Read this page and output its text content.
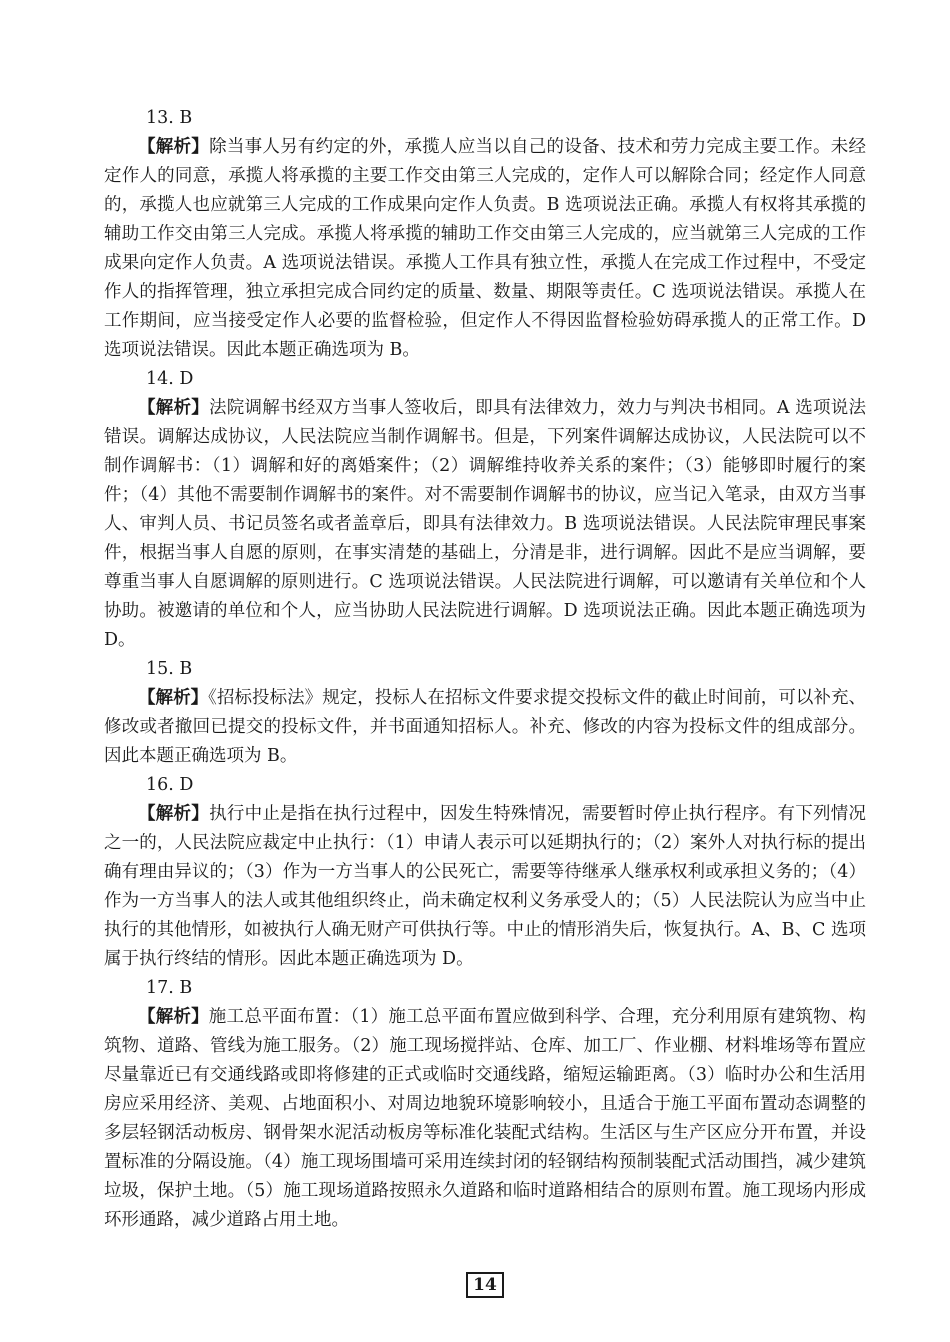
13. B

【解析】除当事人另有约定的外，承揽人应当以自己的设备、技术和劳力完成主要工作。未经定作人的同意，承揽人将承揽的主要工作交由第三人完成的，定作人可以解除合同；经定作人同意的，承揽人也应就第三人完成的工作成果向定作人负责。B 选项说法正确。承揽人有权将其承揽的辅助工作交由第三人完成。承揽人将承揽的辅助工作交由第三人完成的，应当就第三人完成的工作成果向定作人负责。A 选项说法错误。承揽人工作具有独立性，承揽人在完成工作过程中，不受定作人的指挥管理，独立承担完成合同约定的质量、数量、期限等责任。C 选项说法错误。承揽人在工作期间，应当接受定作人必要的监督检验，但定作人不得因监督检验妨碍承揽人的正常工作。D 选项说法错误。因此本题正确选项为 B。

14. D

【解析】法院调解书经双方当事人签收后，即具有法律效力，效力与判决书相同。A 选项说法错误。调解达成协议，人民法院应当制作调解书。但是，下列案件调解达成协议，人民法院可以不制作调解书：（1）调解和好的离婚案件；（2）调解维持收养关系的案件；（3）能够即时履行的案件；（4）其他不需要制作调解书的案件。对不需要制作调解书的协议，应当记入笔录，由双方当事人、审判人员、书记员签名或者盖章后，即具有法律效力。B 选项说法错误。人民法院审理民事案件，根据当事人自愿的原则，在事实清楚的基础上，分清是非，进行调解。因此不是应当调解，要尊重当事人自愿调解的原则进行。C 选项说法错误。人民法院进行调解，可以邀请有关单位和个人协助。被邀请的单位和个人，应当协助人民法院进行调解。D 选项说法正确。因此本题正确选项为 D。

15. B

【解析】《招标投标法》规定，投标人在招标文件要求提交投标文件的截止时间前，可以补充、修改或者撤回已提交的投标文件，并书面通知招标人。补充、修改的内容为投标文件的组成部分。因此本题正确选项为 B。

16. D

【解析】执行中止是指在执行过程中，因发生特殊情况，需要暂时停止执行程序。有下列情况之一的，人民法院应裁定中止执行：（1）申请人表示可以延期执行的；（2）案外人对执行标的提出确有理由异议的；（3）作为一方当事人的公民死亡，需要等待继承人继承权利或承担义务的；（4）作为一方当事人的法人或其他组织终止，尚未确定权利义务承受人的；（5）人民法院认为应当中止执行的其他情形，如被执行人确无财产可供执行等。中止的情形消失后，恢复执行。A、B、C 选项属于执行终结的情形。因此本题正确选项为 D。

17. B

【解析】施工总平面布置：（1）施工总平面布置应做到科学、合理，充分利用原有建筑物、构筑物、道路、管线为施工服务。（2）施工现场搅拌站、仓库、加工厂、作业棚、材料堆场等布置应尽量靠近已有交通线路或即将修建的正式或临时交通线路，缩短运输距离。（3）临时办公和生活用房应采用经济、美观、占地面积小、对周边地貌环境影响较小，且适合于施工平面布置动态调整的多层轻钢活动板房、钢骨架水泥活动板房等标准化装配式结构。生活区与生产区应分开布置，并设置标准的分隔设施。（4）施工现场围墙可采用连续封闭的轻钢结构预制装配式活动围挡，减少建筑垃圾，保护土地。（5）施工现场道路按照永久道路和临时道路相结合的原则布置。施工现场内形成环形通路，减少道路占用土地。

14
